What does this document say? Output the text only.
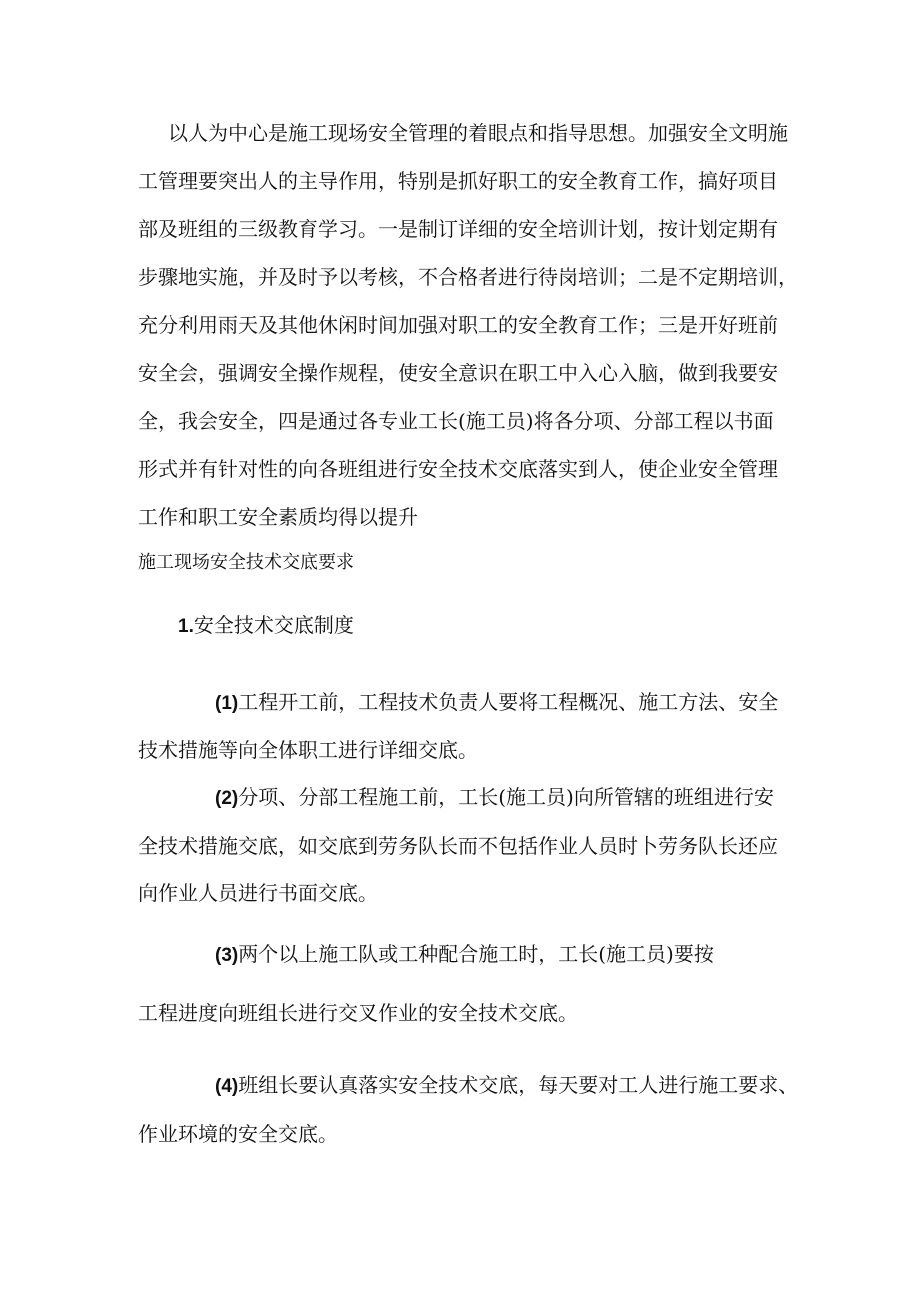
以人为中心是施工现场安全管理的着眼点和指导思想。加强安全文明施
工管理要突出人的主导作用，特别是抓好职工的安全教育工作，搞好项目
部及班组的三级教育学习。一是制订详细的安全培训计划，按计划定期有
步骤地实施，并及时予以考核，不合格者进行待岗培训；二是不定期培训，
充分利用雨天及其他休闲时间加强对职工的安全教育工作；三是开好班前
安全会，强调安全操作规程，使安全意识在职工中入心入脑，做到我要安
全，我会安全，四是通过各专业工长(施工员)将各分项、分部工程以书面
形式并有针对性的向各班组进行安全技术交底落实到人，使企业安全管理
工作和职工安全素质均得以提升
施工现场安全技术交底要求
1.安全技术交底制度
(1)工程开工前，工程技术负责人要将工程概况、施工方法、安全
技术措施等向全体职工进行详细交底。
(2)分项、分部工程施工前，工长(施工员)向所管辖的班组进行安
全技术措施交底，如交底到劳务队长而不包括作业人员时卜劳务队长还应
向作业人员进行书面交底。
(3)两个以上施工队或工种配合施工时，工长(施工员)要按
工程进度向班组长进行交叉作业的安全技术交底。
(4)班组长要认真落实安全技术交底，每天要对工人进行施工要求、
作业环境的安全交底。
